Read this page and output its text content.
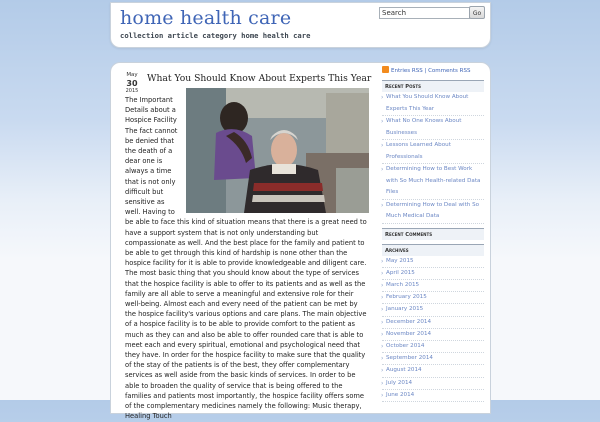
home health care
collection article category home health care
Search
Go
May
30
2015
What You Should Know About Experts This Year
The Important Details about a Hospice Facility The fact cannot be denied that the death of a dear one is always a time that is not only difficult but sensitive as well. Having to be able to face this kind of situation means that there is a great need to have a support system that is not only understanding but compassionate as well. And the best place for the family and patient to be able to get through this kind of hardship is none other than the hospice facility for it is able to provide knowledgeable and diligent care. The most basic thing that you should know about the type of services that the hospice facility is able to offer to its patients and as well as the family are all able to serve a meaningful and extensive role for their well-being. Almost each and every need of the patient can be met by the hospice facility's various options and care plans. The main objective of a hospice facility is to be able to provide comfort to the patient as much as they can and also be able to offer rounded care that is able to meet each and every spiritual, emotional and psychological need that they have. In order for the hospice facility to make sure that the quality of the stay of the patients is of the best, they offer complementary services as well aside from the basic kinds of services. In order to be able to broaden the quality of service that is being offered to the families and patients most importantly, the hospice facility offers some of the complementary medicines namely the following: Music therapy, Healing Touch
Entries RSS | Comments RSS
Recent Posts
› What You Should Know About Experts This Year
› What No One Knows About Businesses
› Lessons Learned About Professionals
› Determining How to Best Work with So Much Health-related Data Files
› Determining How to Deal with So Much Medical Data
Recent Comments
Archives
› May 2015
› April 2015
› March 2015
› February 2015
› January 2015
› December 2014
› November 2014
› October 2014
› September 2014
› August 2014
› July 2014
› June 2014
